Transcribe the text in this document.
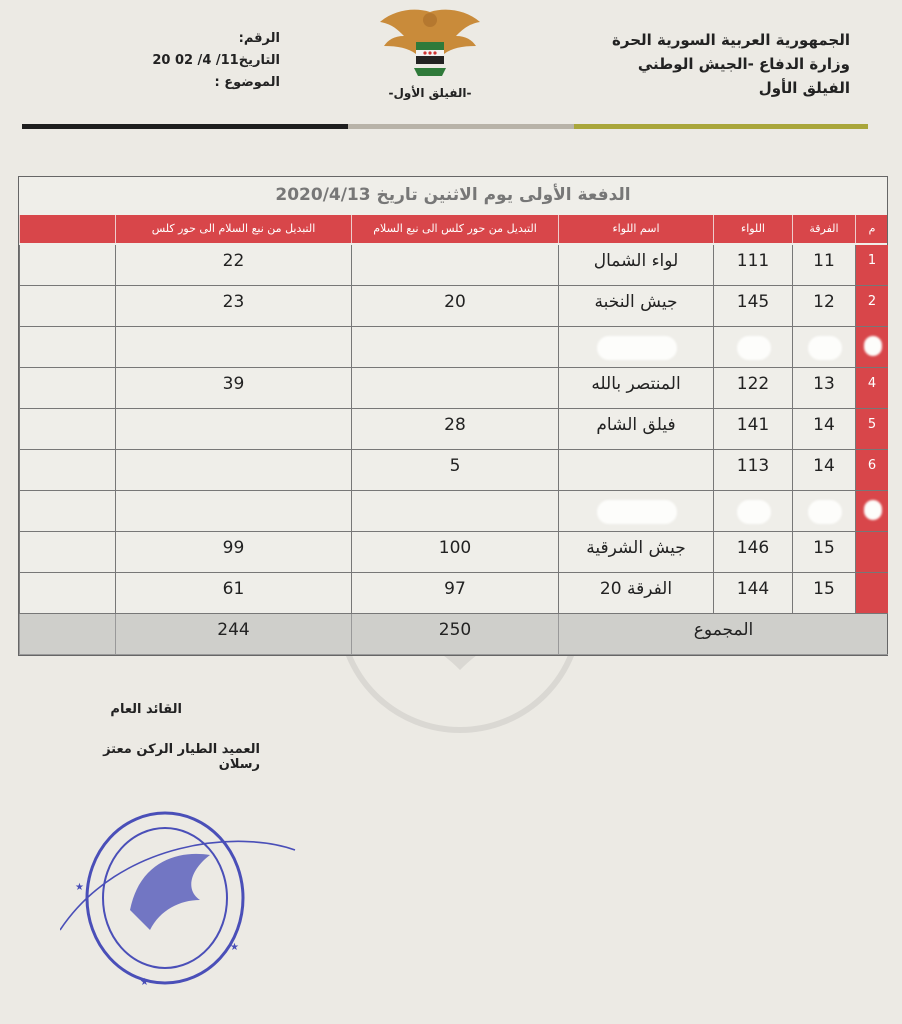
الجمهورية العربية السورية الحرة
وزارة الدفاع -الجيش الوطني
الفيلق الأول
الرقم:
التاريخ11/ 4/ 02 20
الموضوع :
-الفيلق الأول-
الدفعة الأولى يوم الاثنين تاريخ 2020/4/13
م
الفرقة
اللواء
اسم اللواء
التبديل من حور كلس الى نبع السلام
التبديل من نبع السلام الى حور كلس
1
11
111
لواء الشمال
22
2
12
145
جيش النخبة
20
23
4
13
122
المنتصر بالله
39
5
14
141
فيلق الشام
28
6
14
113
5
15
146
جيش الشرقية
100
99
15
144
الفرقة 20
97
61
المجموع
250
244
القائد العام
العميد الطيار الركن معتز رسلان
★
★
★
